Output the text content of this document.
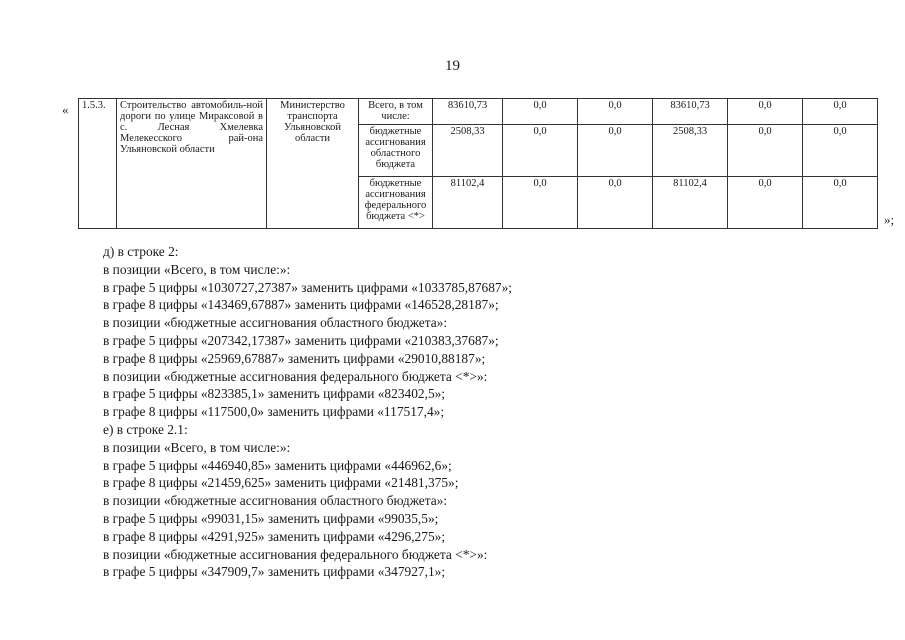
19
« 1.5.3.	Строительство автомобиль-ной дороги по улице Мираксовой в с. Лесная Хмелевка Мелекесского рай-она Ульяновской области	Министерство транспорта Ульяновской области	Всего, в том числе:	83610,73	0,0	0,0	83610,73	0,0	0,0
			бюджетные ассигнования областного бюджета	2508,33	0,0	0,0	2508,33	0,0	0,0
			бюджетные ассигнования федерального бюджета <*>	81102,4	0,0	0,0	81102,4	0,0	0,0
»;
д) в строке 2:
в позиции «Всего, в том числе:»:
в графе 5 цифры «1030727,27387» заменить цифрами «1033785,87687»;
в графе 8 цифры «143469,67887» заменить цифрами «146528,28187»;
в позиции «бюджетные ассигнования областного бюджета»:
в графе 5 цифры «207342,17387» заменить цифрами «210383,37687»;
в графе 8 цифры «25969,67887» заменить цифрами «29010,88187»;
в позиции «бюджетные ассигнования федерального бюджета <*>»:
в графе 5 цифры «823385,1» заменить цифрами «823402,5»;
в графе 8 цифры «117500,0» заменить цифрами «117517,4»;
е) в строке 2.1:
в позиции «Всего, в том числе:»:
в графе 5 цифры «446940,85» заменить цифрами «446962,6»;
в графе 8 цифры «21459,625» заменить цифрами «21481,375»;
в позиции «бюджетные ассигнования областного бюджета»:
в графе 5 цифры «99031,15» заменить цифрами «99035,5»;
в графе 8 цифры «4291,925» заменить цифрами «4296,275»;
в позиции «бюджетные ассигнования федерального бюджета <*>»:
в графе 5 цифры «347909,7» заменить цифрами «347927,1»;
